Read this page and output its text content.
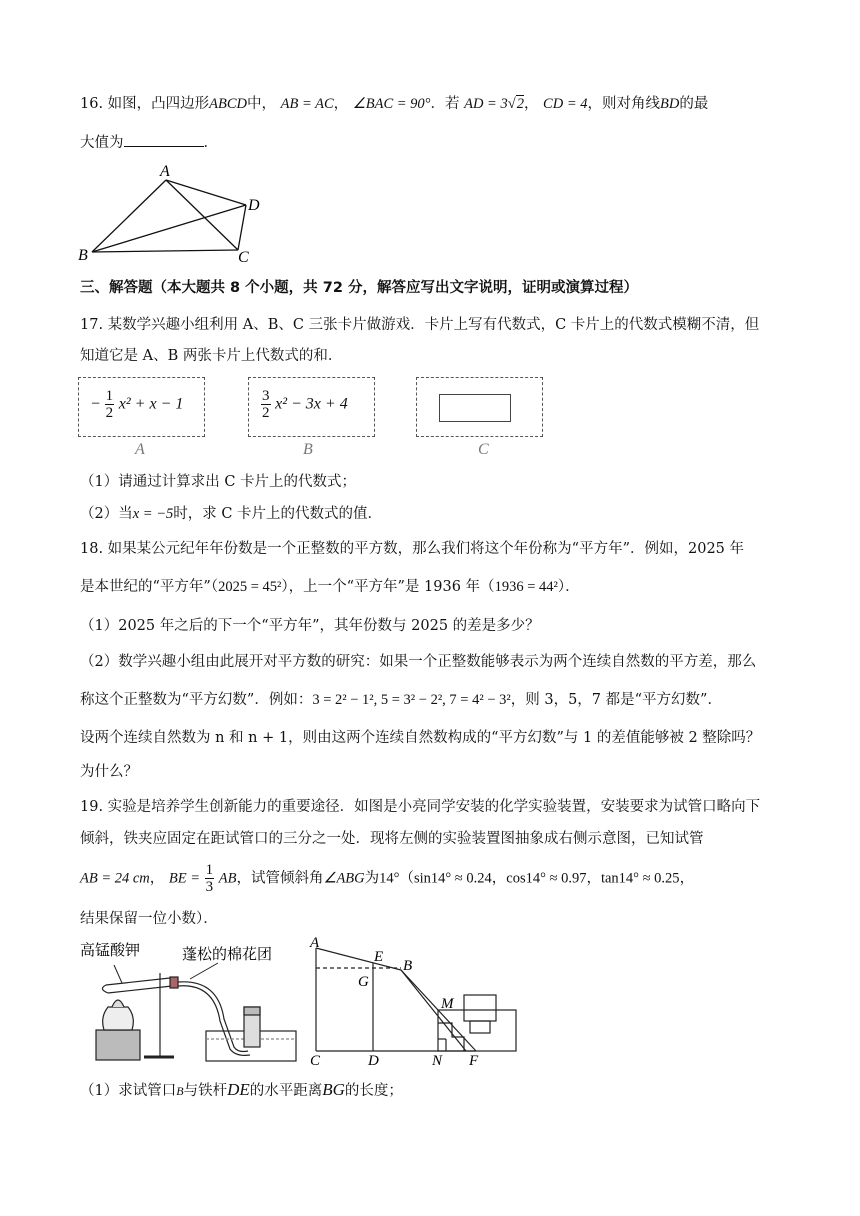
16. 如图，凸四边形ABCD中， AB = AC， ∠BAC = 90°．若 AD = 3√2， CD = 4，则对角线BD的最
大值为	．
A
B	C
D
三、解答题（本大题共 8 个小题，共 72 分，解答应写出文字说明，证明或演算过程）
17. 某数学兴趣小组利用 A、B、C 三张卡片做游戏．卡片上写有代数式，C 卡片上的代数式模糊不清，但
知道它是 A、B 两张卡片上代数式的和．
− $\frac{1}{2} x^2 + x - 1$
A
$\frac{3}{2} x^2 - 3x + 4$
B	C
（1）请通过计算求出 C 卡片上的代数式；
（2）当x = −5时，求 C 卡片上的代数式的值．
18. 如果某公元纪年年份数是一个正整数的平方数，那么我们将这个年份称为“平方年”．例如，2025 年
是本世纪的“平方年”（2025 = 45²），上一个“平方年”是 1936 年（1936 = 44²）．
（1）2025 年之后的下一个“平方年”，其年份数与 2025 的差是多少？
（2）数学兴趣小组由此展开对平方数的研究：如果一个正整数能够表示为两个连续自然数的平方差，那么
称这个正整数为“平方幻数”．例如：3 = 2² − 1², 5 = 3² − 2², 7 = 4² − 3²，则 3，5，7 都是“平方幻数”．
设两个连续自然数为 n 和 n + 1，则由这两个连续自然数构成的“平方幻数”与 1 的差值能够被 2 整除吗？
为什么？
19. 实验是培养学生创新能力的重要途径．如图是小亮同学安装的化学实验装置，安装要求为试管口略向下
倾斜，铁夹应固定在距试管口的三分之一处．现将左侧的实验装置图抽象成右侧示意图，已知试管
AB = 24 cm， BE = $\frac{1}{3}$ AB，试管倾斜角∠ABG为14°（sin14° ≈ 0.24，cos14° ≈ 0.97，tan14° ≈ 0.25，
结果保留一位小数）．
高锰酸钾	蓬松的棉花团
A
E
B
G
M
C	D	N F
（1）求试管口B与铁杆DE的水平距离BG的长度；
